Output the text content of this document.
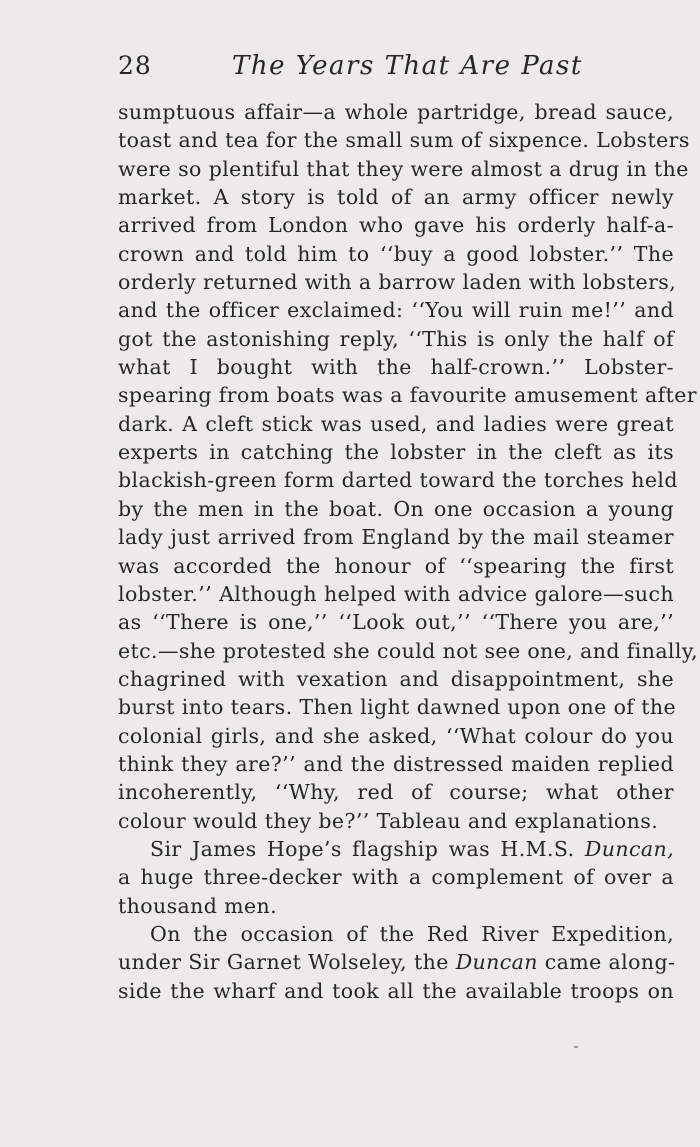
28	The Years That Are Past

sumptuous affair—a whole partridge, bread sauce,
toast and tea for the small sum of sixpence. Lobsters
were so plentiful that they were almost a drug in the
market. A story is told of an army officer newly
arrived from London who gave his orderly half-a-
crown and told him to ‘‘buy a good lobster.’’ The
orderly returned with a barrow laden with lobsters,
and the officer exclaimed: ‘‘You will ruin me!’’ and
got the astonishing reply, ‘‘This is only the half of
what I bought with the half-crown.’’ Lobster-
spearing from boats was a favourite amusement after
dark. A cleft stick was used, and ladies were great
experts in catching the lobster in the cleft as its
blackish-green form darted toward the torches held
by the men in the boat. On one occasion a young
lady just arrived from England by the mail steamer
was accorded the honour of ‘‘spearing the first
lobster.’’ Although helped with advice galore—such
as ‘‘There is one,’’ ‘‘Look out,’’ ‘‘There you are,’’
etc.—she protested she could not see one, and finally,
chagrined with vexation and disappointment, she
burst into tears. Then light dawned upon one of the
colonial girls, and she asked, ‘‘What colour do you
think they are?’’ and the distressed maiden replied
incoherently, ‘‘Why, red of course; what other
colour would they be?’’ Tableau and explanations.

Sir James Hope’s flagship was H.M.S. Duncan,
a huge three-decker with a complement of over a
thousand men.

On the occasion of the Red River Expedition,
under Sir Garnet Wolseley, the Duncan came along-
side the wharf and took all the available troops on
